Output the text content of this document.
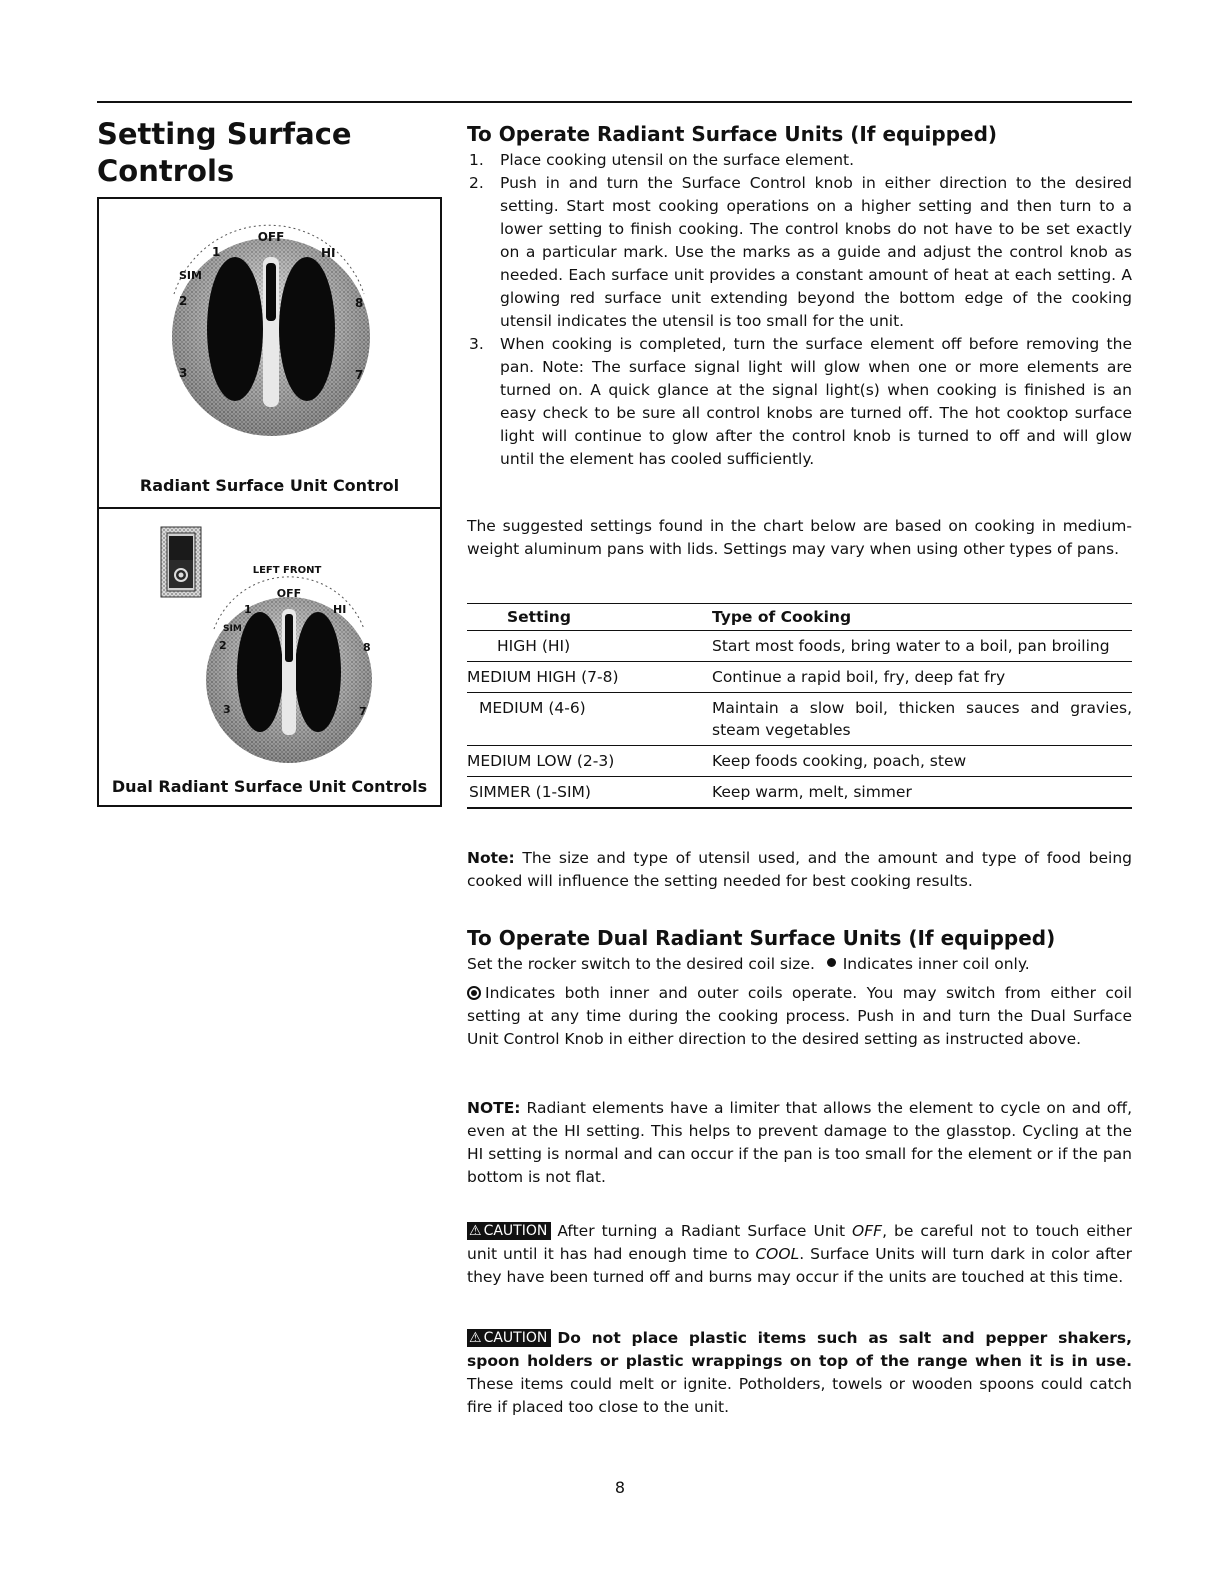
Setting Surface Controls
OFF
1	HI
SIM
2	8
3	7
Radiant Surface Unit Control
LEFT FRONT
OFF
1	HI
SIM
2	8
3	7
Dual Radiant Surface Unit Controls
To Operate Radiant Surface Units (If equipped)
1. Place cooking utensil on the surface element.
2. Push in and turn the Surface Control knob in either direction to the desired setting. Start most cooking operations on a higher setting and then turn to a lower setting to finish cooking. The control knobs do not have to be set exactly on a particular mark. Use the marks as a guide and adjust the control knob as needed. Each surface unit provides a constant amount of heat at each setting. A glowing red surface unit extending beyond the bottom edge of the cooking utensil indicates the utensil is too small for the unit.
3. When cooking is completed, turn the surface element off before removing the pan. Note: The surface signal light will glow when one or more elements are turned on. A quick glance at the signal light(s) when cooking is finished is an easy check to be sure all control knobs are turned off. The hot cooktop surface light will continue to glow after the control knob is turned to off and will glow until the element has cooled sufficiently.

The suggested settings found in the chart below are based on cooking in medium-weight aluminum pans with lids. Settings may vary when using other types of pans.

Setting	Type of Cooking
HIGH (HI)	Start most foods, bring water to a boil, pan broiling
MEDIUM HIGH (7-8)	Continue a rapid boil, fry, deep fat fry
MEDIUM (4-6)	Maintain a slow boil, thicken sauces and gravies, steam vegetables
MEDIUM LOW (2-3)	Keep foods cooking, poach, stew
SIMMER (1-SIM)	Keep warm, melt, simmer

Note: The size and type of utensil used, and the amount and type of food being cooked will influence the setting needed for best cooking results.

To Operate Dual Radiant Surface Units (If equipped)

Set the rocker switch to the desired coil size.   Indicates inner coil only.

Indicates both inner and outer coils operate. You may switch from either coil setting at any time during the cooking process. Push in and turn the Dual Surface Unit Control Knob in either direction to the desired setting as instructed above.

NOTE: Radiant elements have a limiter that allows the element to cycle on and off, even at the HI setting. This helps to prevent damage to the glasstop. Cycling at the HI setting is normal and can occur if the pan is too small for the element or if the pan bottom is not flat.

⚠ CAUTION After turning a Radiant Surface Unit OFF, be careful not to touch either unit until it has had enough time to COOL. Surface Units will turn dark in color after they have been turned off and burns may occur if the units are touched at this time.

⚠ CAUTION Do not place plastic items such as salt and pepper shakers, spoon holders or plastic wrappings on top of the range when it is in use. These items could melt or ignite. Potholders, towels or wooden spoons could catch fire if placed too close to the unit.

8
